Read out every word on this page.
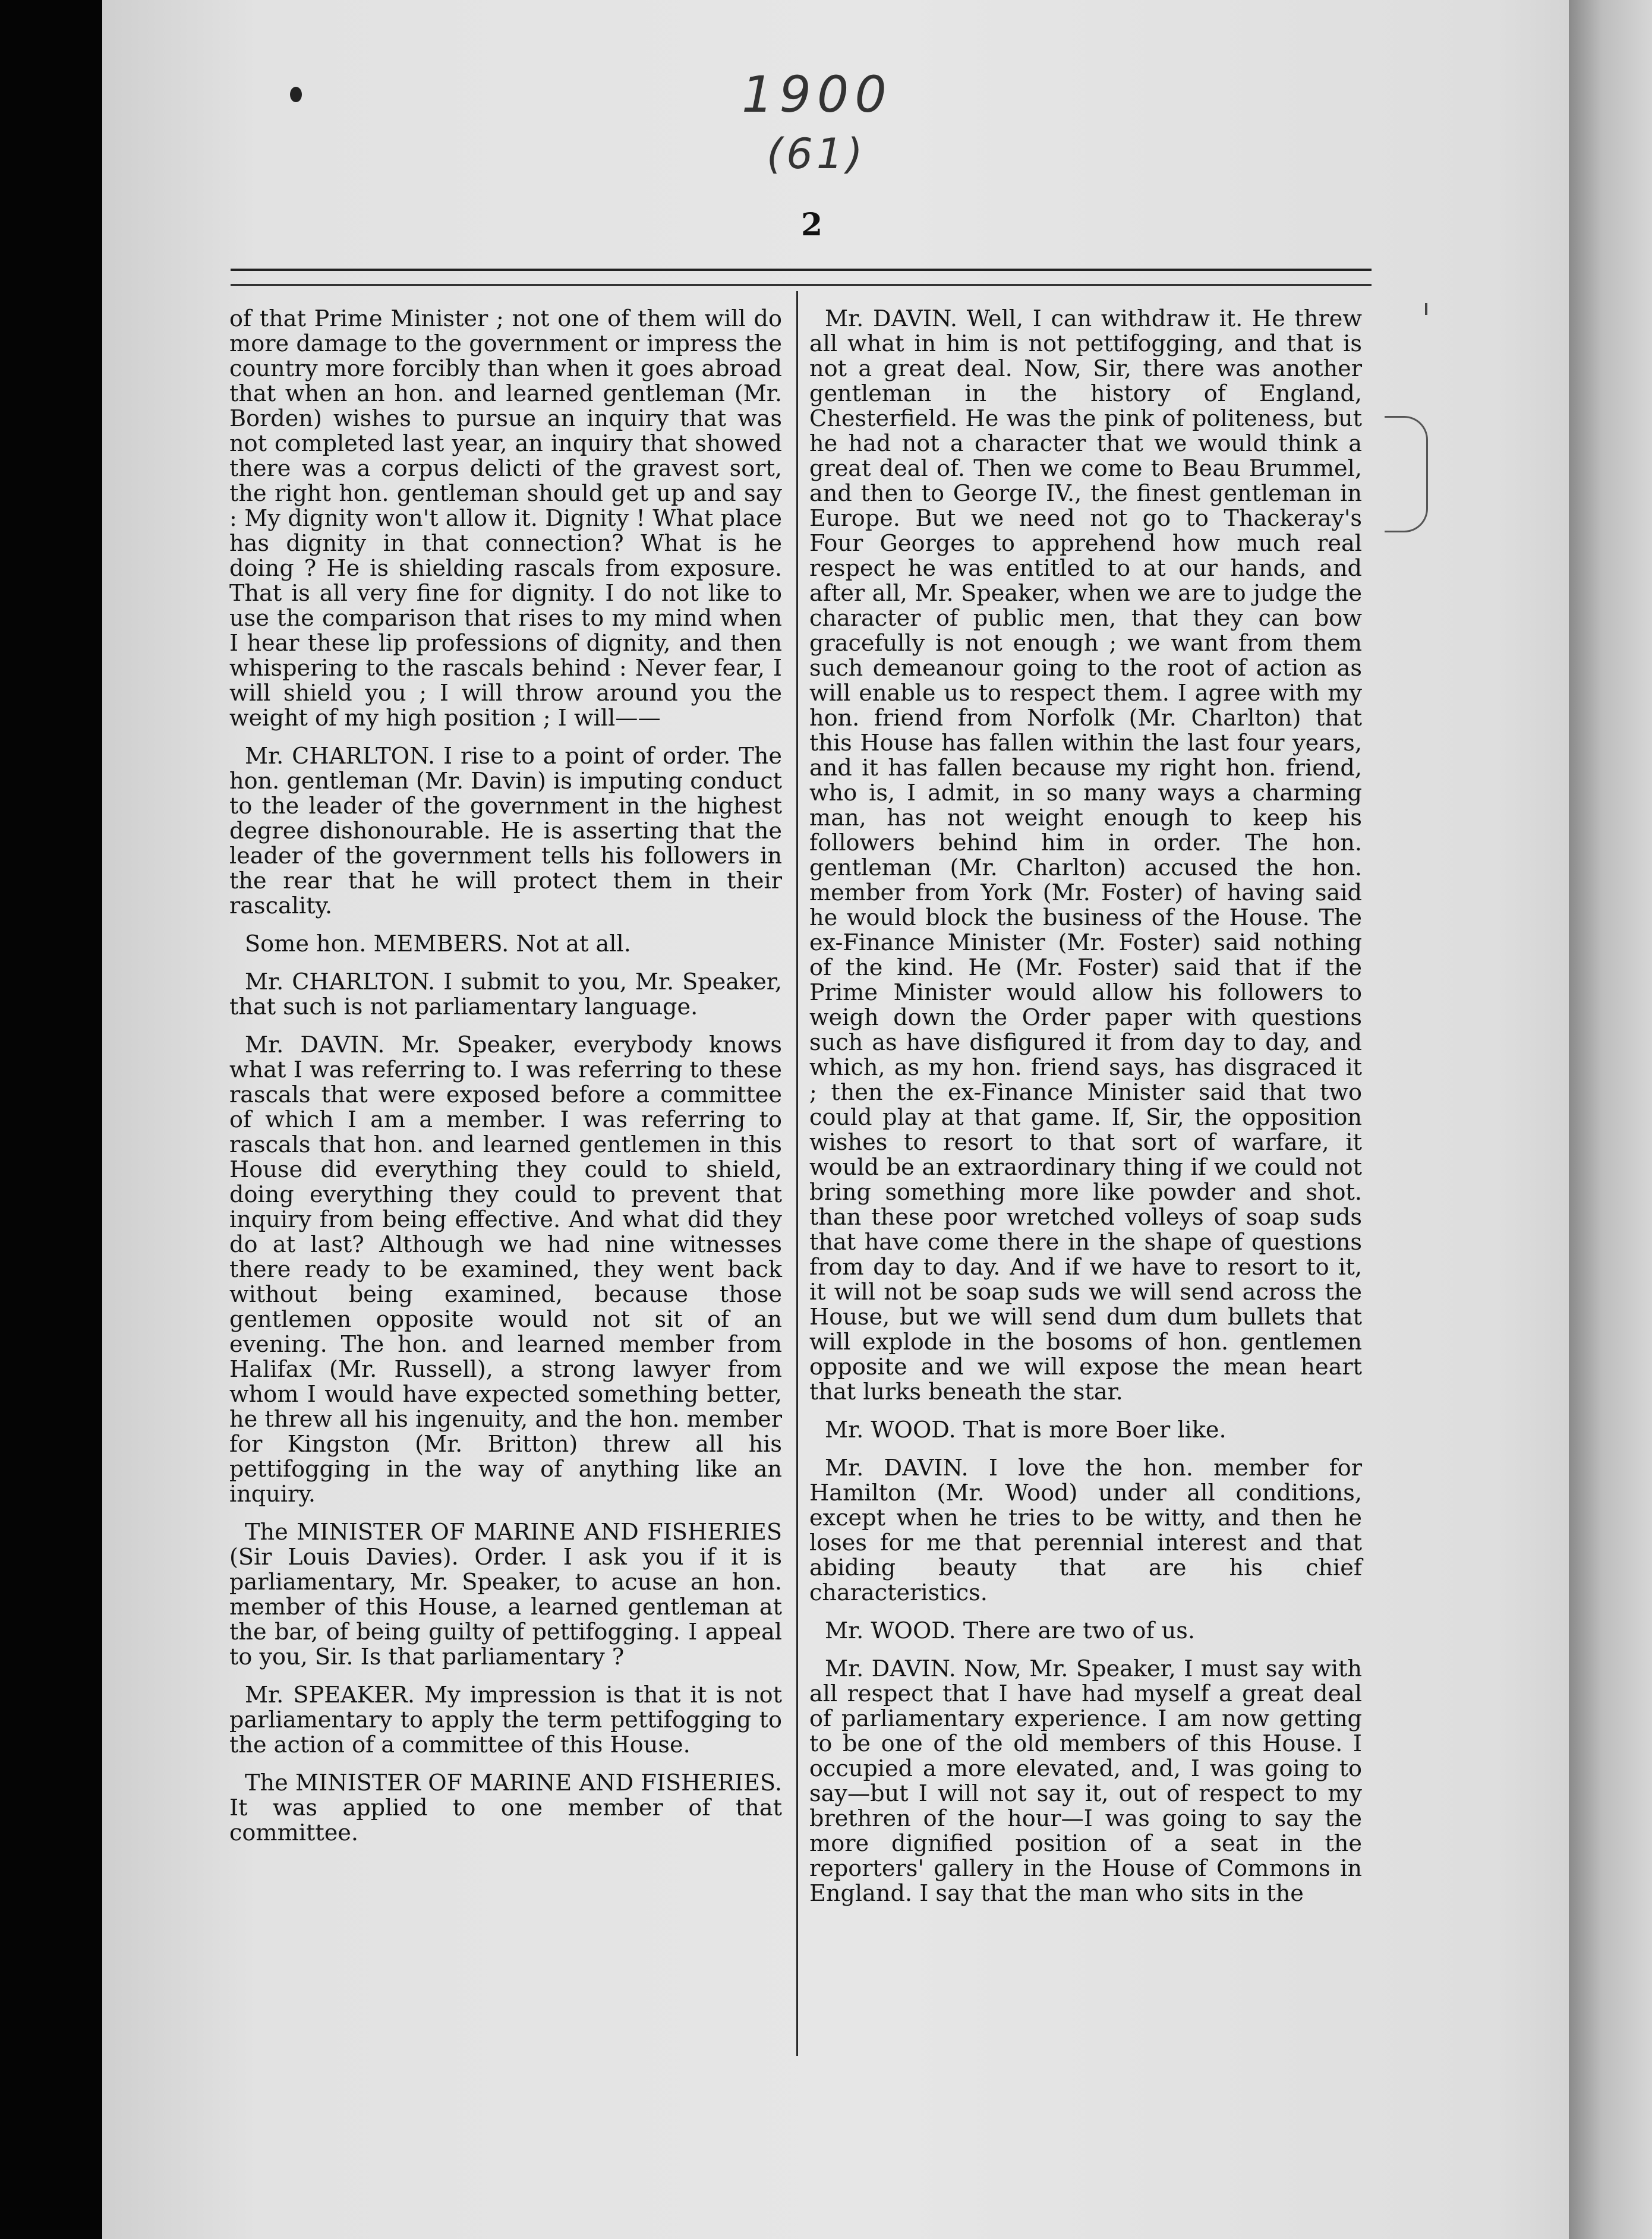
1900
(61)
2

of that Prime Minister ; not one of them will do more damage to the government or impress the country more forcibly than when it goes abroad that when an hon. and learned gentleman (Mr. Borden) wishes to pursue an inquiry that was not completed last year, an inquiry that showed there was a corpus delicti of the gravest sort, the right hon. gentleman should get up and say : My dignity won't allow it. Dignity ! What place has dignity in that connection? What is he doing ? He is shielding rascals from exposure. That is all very fine for dignity. I do not like to use the comparison that rises to my mind when I hear these lip professions of dignity, and then whispering to the rascals behind : Never fear, I will shield you ; I will throw around you the weight of my high position ; I will——

Mr. CHARLTON. I rise to a point of order. The hon. gentleman (Mr. Davin) is imputing conduct to the leader of the government in the highest degree dishonourable. He is asserting that the leader of the government tells his followers in the rear that he will protect them in their rascality.

Some hon. MEMBERS. Not at all.

Mr. CHARLTON. I submit to you, Mr. Speaker, that such is not parliamentary language.

Mr. DAVIN. Mr. Speaker, everybody knows what I was referring to. I was referring to these rascals that were exposed before a committee of which I am a member. I was referring to rascals that hon. and learned gentlemen in this House did everything they could to shield, doing everything they could to prevent that inquiry from being effective. And what did they do at last? Although we had nine witnesses there ready to be examined, they went back without being examined, because those gentlemen opposite would not sit of an evening. The hon. and learned member from Halifax (Mr. Russell), a strong lawyer from whom I would have expected something better, he threw all his ingenuity, and the hon. member for Kingston (Mr. Britton) threw all his pettifogging in the way of anything like an inquiry.

The MINISTER OF MARINE AND FISHERIES (Sir Louis Davies). Order. I ask you if it is parliamentary, Mr. Speaker, to acuse an hon. member of this House, a learned gentleman at the bar, of being guilty of pettifogging. I appeal to you, Sir. Is that parliamentary ?

Mr. SPEAKER. My impression is that it is not parliamentary to apply the term pettifogging to the action of a committee of this House.

The MINISTER OF MARINE AND FISHERIES. It was applied to one member of that committee.

Mr. DAVIN. Well, I can withdraw it. He threw all what in him is not pettifogging, and that is not a great deal. Now, Sir, there was another gentleman in the history of England, Chesterfield. He was the pink of politeness, but he had not a character that we would think a great deal of. Then we come to Beau Brummel, and then to George IV., the finest gentleman in Europe. But we need not go to Thackeray's Four Georges to apprehend how much real respect he was entitled to at our hands, and after all, Mr. Speaker, when we are to judge the character of public men, that they can bow gracefully is not enough ; we want from them such demeanour going to the root of action as will enable us to respect them. I agree with my hon. friend from Norfolk (Mr. Charlton) that this House has fallen within the last four years, and it has fallen because my right hon. friend, who is, I admit, in so many ways a charming man, has not weight enough to keep his followers behind him in order. The hon. gentleman (Mr. Charlton) accused the hon. member from York (Mr. Foster) of having said he would block the business of the House. The ex-Finance Minister (Mr. Foster) said nothing of the kind. He (Mr. Foster) said that if the Prime Minister would allow his followers to weigh down the Order paper with questions such as have disfigured it from day to day, and which, as my hon. friend says, has disgraced it ; then the ex-Finance Minister said that two could play at that game. If, Sir, the opposition wishes to resort to that sort of warfare, it would be an extraordinary thing if we could not bring something more like powder and shot. than these poor wretched volleys of soap suds that have come there in the shape of questions from day to day. And if we have to resort to it, it will not be soap suds we will send across the House, but we will send dum dum bullets that will explode in the bosoms of hon. gentlemen opposite and we will expose the mean heart that lurks beneath the star.

Mr. WOOD. That is more Boer like.

Mr. DAVIN. I love the hon. member for Hamilton (Mr. Wood) under all conditions, except when he tries to be witty, and then he loses for me that perennial interest and that abiding beauty that are his chief characteristics.

Mr. WOOD. There are two of us.

Mr. DAVIN. Now, Mr. Speaker, I must say with all respect that I have had myself a great deal of parliamentary experience. I am now getting to be one of the old members of this House. I occupied a more elevated, and, I was going to say—but I will not say it, out of respect to my brethren of the hour—I was going to say the more dignified position of a seat in the reporters' gallery in the House of Commons in England. I say that the man who sits in the
